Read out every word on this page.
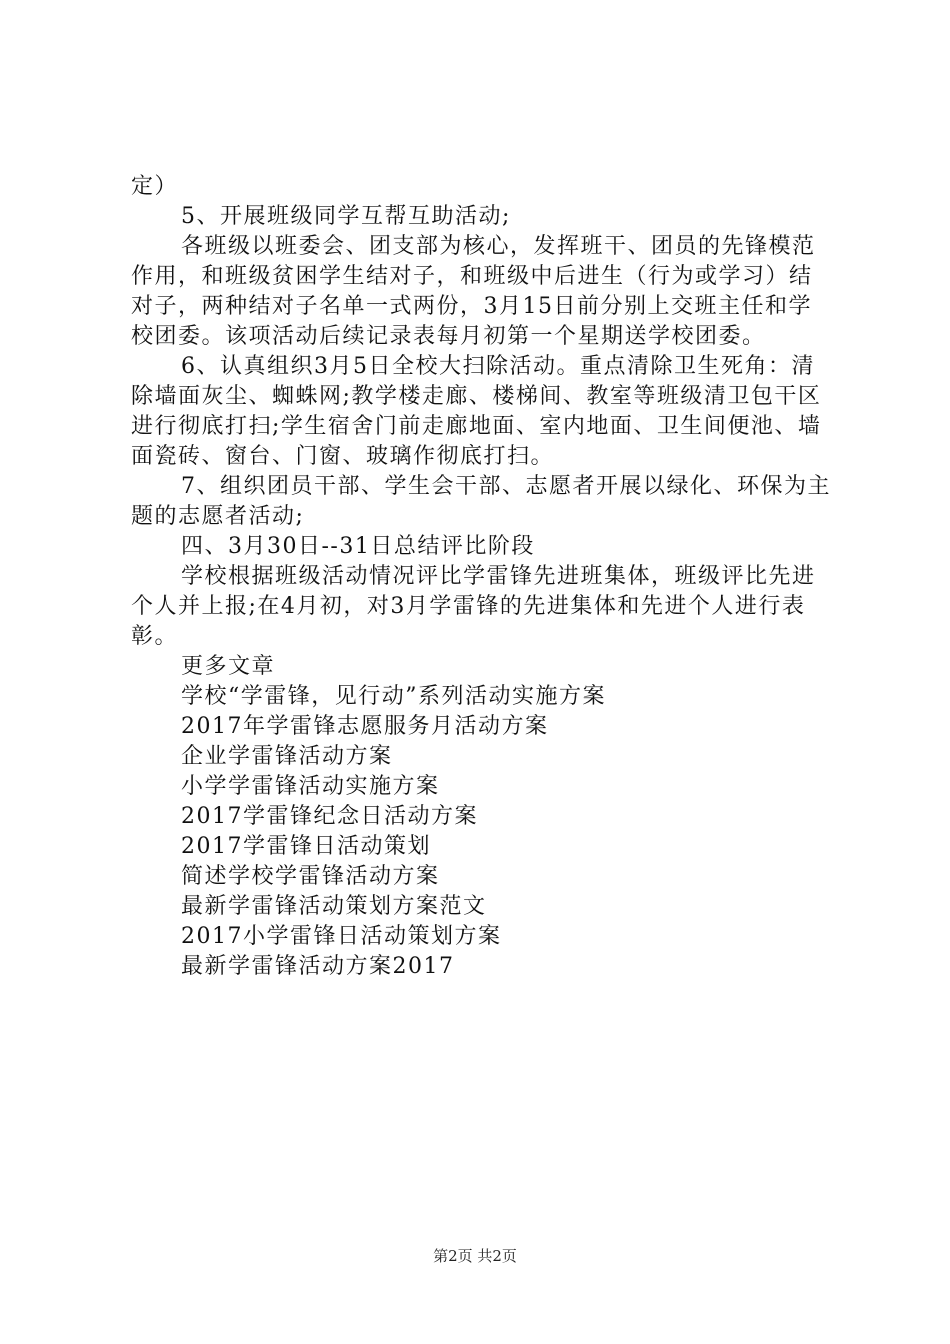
定）

5、开展班级同学互帮互助活动;

各班级以班委会、团支部为核心，发挥班干、团员的先锋模范作用，和班级贫困学生结对子，和班级中后进生（行为或学习）结对子，两种结对子名单一式两份，3月15日前分别上交班主任和学校团委。该项活动后续记录表每月初第一个星期送学校团委。

6、认真组织3月5日全校大扫除活动。重点清除卫生死角：清除墙面灰尘、蜘蛛网;教学楼走廊、楼梯间、教室等班级清卫包干区进行彻底打扫;学生宿舍门前走廊地面、室内地面、卫生间便池、墙面瓷砖、窗台、门窗、玻璃作彻底打扫。

7、组织团员干部、学生会干部、志愿者开展以绿化、环保为主题的志愿者活动;

四、3月30日--31日总结评比阶段

学校根据班级活动情况评比学雷锋先进班集体，班级评比先进个人并上报;在4月初，对3月学雷锋的先进集体和先进个人进行表彰。

更多文章

学校“学雷锋，见行动”系列活动实施方案
2017年学雷锋志愿服务月活动方案
企业学雷锋活动方案
小学学雷锋活动实施方案
2017学雷锋纪念日活动方案
2017学雷锋日活动策划
简述学校学雷锋活动方案
最新学雷锋活动策划方案范文
2017小学雷锋日活动策划方案
最新学雷锋活动方案2017
第2页 共2页
